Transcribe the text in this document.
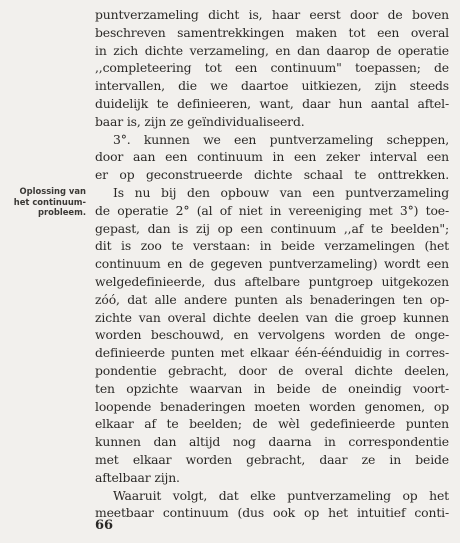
Oplossing van
het continuum-
probleem.
puntverzameling dicht is, haar eerst door de boven
beschreven samentrekkingen maken tot een overal
in zich dichte verzameling, en dan daarop de operatie
,,completeering tot een continuum" toepassen; de
intervallen, die we daartoe uitkiezen, zijn steeds
duidelijk te definieeren, want, daar hun aantal aftel-
baar is, zijn ze geïndividualiseerd.
3°. kunnen we een puntverzameling scheppen,
door aan een continuum in een zeker interval een
er op geconstrueerde dichte schaal te onttrekken.
Is nu bij den opbouw van een puntverzameling
de operatie 2° (al of niet in vereeniging met 3°) toe-
gepast, dan is zij op een continuum ,,af te beelden";
dit is zoo te verstaan: in beide verzamelingen (het
continuum en de gegeven puntverzameling) wordt een
welgedefinieerde, dus aftelbare puntgroep uitgekozen
zóó, dat alle andere punten als benaderingen ten op-
zichte van overal dichte deelen van die groep kunnen
worden beschouwd, en vervolgens worden de onge-
definieerde punten met elkaar één-éénduidig in corres-
pondentie gebracht, door de overal dichte deelen,
ten opzichte waarvan in beide de oneindig voort-
loopende benaderingen moeten worden genomen, op
elkaar af te beelden; de wèl gedefinieerde punten
kunnen dan altijd nog daarna in correspondentie
met elkaar worden gebracht, daar ze in beide
aftelbaar zijn.
Waaruit volgt, dat elke puntverzameling op het
meetbaar continuum (dus ook op het intuitief conti-
66
